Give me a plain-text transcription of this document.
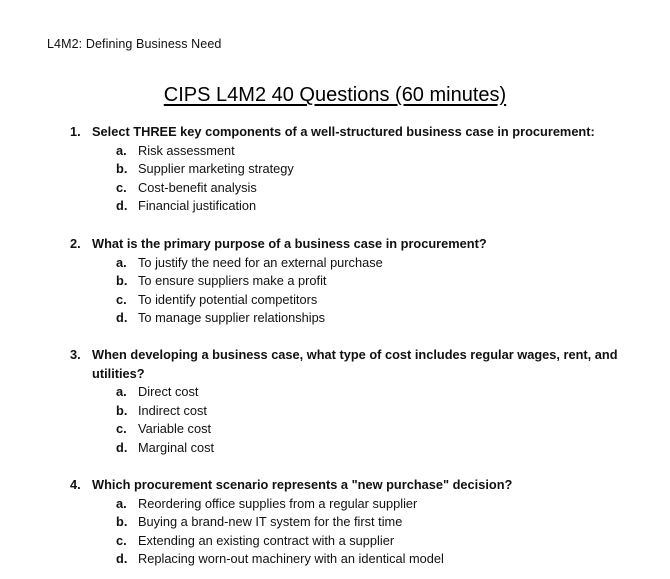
L4M2: Defining Business Need
CIPS L4M2 40 Questions (60 minutes)
1. Select THREE key components of a well-structured business case in procurement:
a. Risk assessment
b. Supplier marketing strategy
c. Cost-benefit analysis
d. Financial justification
2. What is the primary purpose of a business case in procurement?
a. To justify the need for an external purchase
b. To ensure suppliers make a profit
c. To identify potential competitors
d. To manage supplier relationships
3. When developing a business case, what type of cost includes regular wages, rent, and utilities?
a. Direct cost
b. Indirect cost
c. Variable cost
d. Marginal cost
4. Which procurement scenario represents a "new purchase" decision?
a. Reordering office supplies from a regular supplier
b. Buying a brand-new IT system for the first time
c. Extending an existing contract with a supplier
d. Replacing worn-out machinery with an identical model
